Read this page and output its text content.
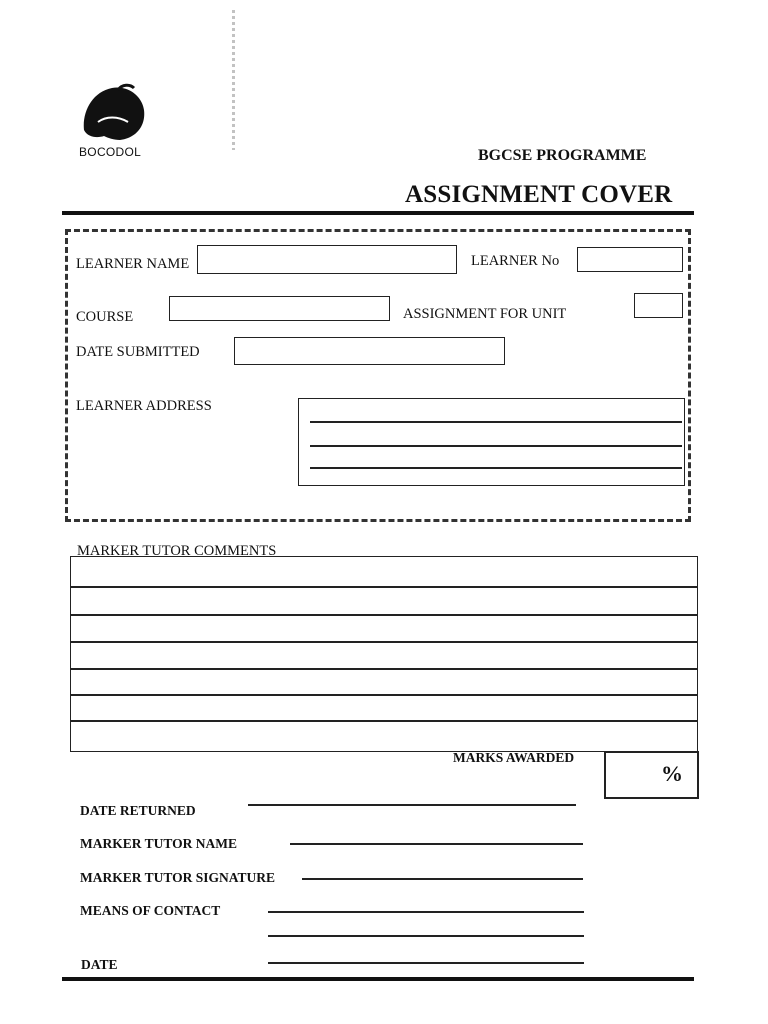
BOCODOL	BGCSE PROGRAMME
ASSIGNMENT COVER
LEARNER NAME	LEARNER No
COURSE	ASSIGNMENT FOR UNIT
DATE SUBMITTED
LEARNER ADDRESS
MARKER TUTOR COMMENTS
MARKS AWARDED
%
DATE RETURNED
MARKER TUTOR NAME
MARKER TUTOR SIGNATURE
MEANS OF CONTACT
DATE
